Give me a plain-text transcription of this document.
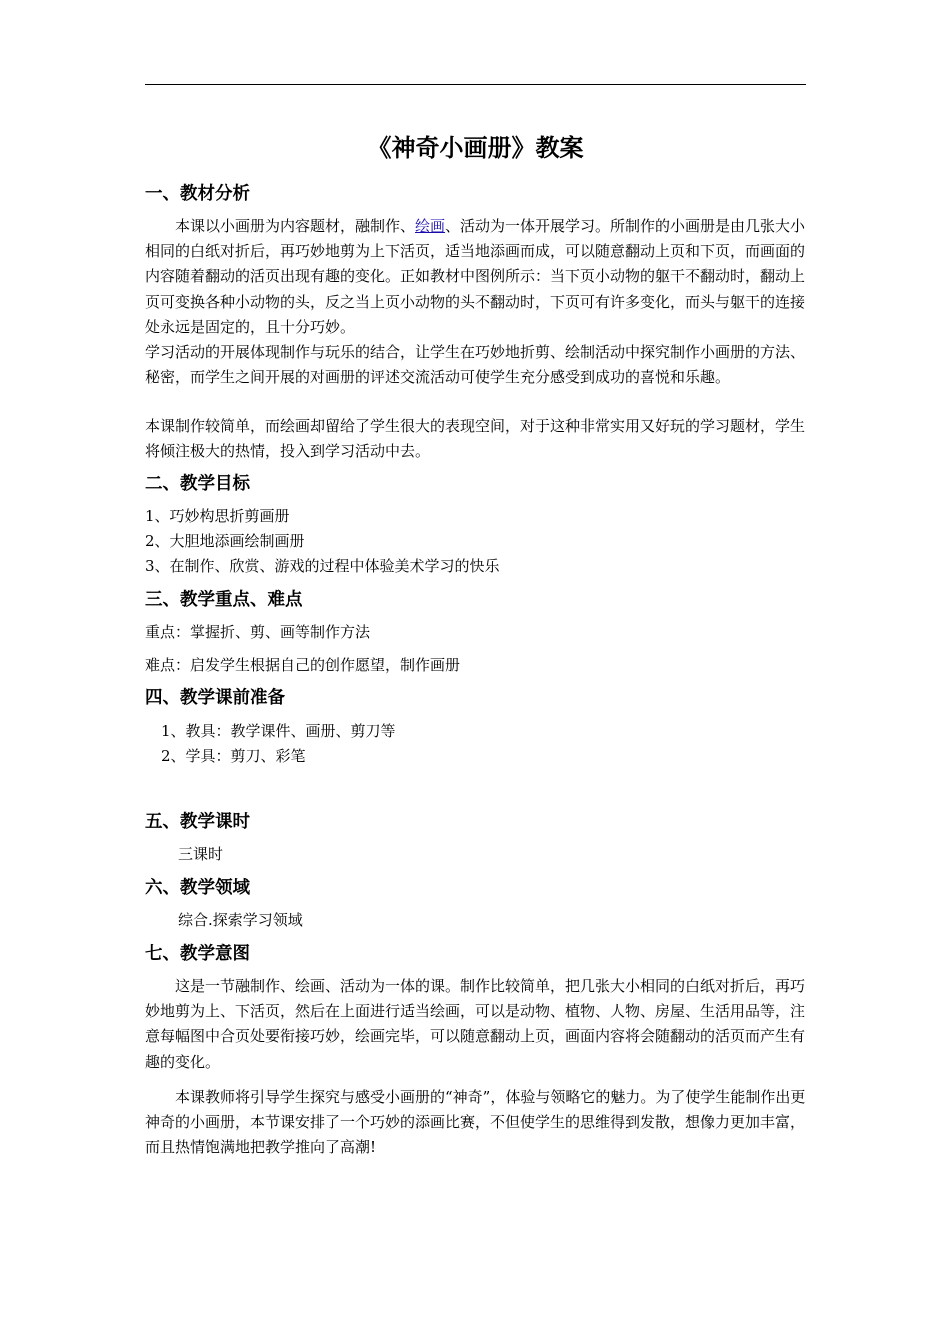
《神奇小画册》教案
一、教材分析
本课以小画册为内容题材，融制作、绘画、活动为一体开展学习。所制作的小画册是由几张大小相同的白纸对折后，再巧妙地剪为上下活页，适当地添画而成，可以随意翻动上页和下页，而画面的内容随着翻动的活页出现有趣的变化。正如教材中图例所示：当下页小动物的躯干不翻动时，翻动上页可变换各种小动物的头，反之当上页小动物的头不翻动时，下页可有许多变化，而头与躯干的连接处永远是固定的，且十分巧妙。
学习活动的开展体现制作与玩乐的结合，让学生在巧妙地折剪、绘制活动中探究制作小画册的方法、秘密，而学生之间开展的对画册的评述交流活动可使学生充分感受到成功的喜悦和乐趣。
本课制作较简单，而绘画却留给了学生很大的表现空间，对于这种非常实用又好玩的学习题材，学生将倾注极大的热情，投入到学习活动中去。
二、教学目标
1、巧妙构思折剪画册
2、大胆地添画绘制画册
3、在制作、欣赏、游戏的过程中体验美术学习的快乐
三、教学重点、难点
重点：掌握折、剪、画等制作方法
难点：启发学生根据自己的创作愿望，制作画册
四、教学课前准备
1、教具：教学课件、画册、剪刀等
2、学具：剪刀、彩笔
五、教学课时
三课时
六、教学领域
综合.探索学习领域
七、教学意图
这是一节融制作、绘画、活动为一体的课。制作比较简单，把几张大小相同的白纸对折后，再巧妙地剪为上、下活页，然后在上面进行适当绘画，可以是动物、植物、人物、房屋、生活用品等，注意每幅图中合页处要衔接巧妙，绘画完毕，可以随意翻动上页，画面内容将会随翻动的活页而产生有趣的变化。
本课教师将引导学生探究与感受小画册的“神奇”，体验与领略它的魅力。为了使学生能制作出更神奇的小画册，本节课安排了一个巧妙的添画比赛，不但使学生的思维得到发散，想像力更加丰富，而且热情饱满地把教学推向了高潮!
